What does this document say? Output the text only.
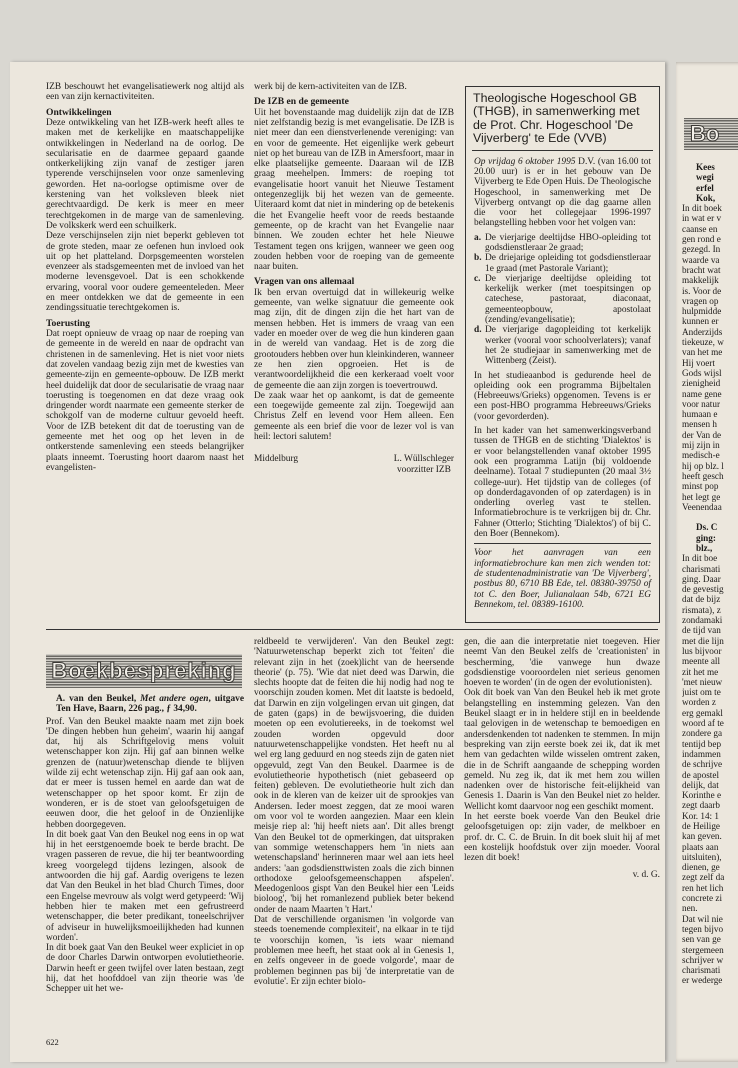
IZB beschouwt het evangelisatiewerk nog altijd als een van zijn kernactiviteiten.

Ontwikkelingen

Deze ontwikkeling van het IZB-werk heeft alles te maken met de kerkelijke en maatschappelijke ontwikkelingen in Nederland na de oorlog. De secularisatie en de daarmee gepaard gaande ontkerkelijking zijn vanaf de zestiger jaren typerende verschijnselen voor onze samenleving geworden. Het na-oorlogse optimisme over de kerstening van het volksleven bleek niet gerechtvaardigd. De kerk is meer en meer terechtgekomen in de marge van de samenleving. De volkskerk werd een schuilkerk.

Deze verschijnselen zijn niet beperkt gebleven tot de grote steden, maar ze oefenen hun invloed ook uit op het platteland. Dorpsgemeenten worstelen evenzeer als stadsgemeenten met de invloed van het moderne levensgevoel. Dat is een schokkende ervaring, vooral voor oudere gemeenteleden. Meer en meer ontdekken we dat de gemeente in een zendingssituatie terechtgekomen is.

Toerusting

Dat roept opnieuw de vraag op naar de roeping van de gemeente in de wereld en naar de opdracht van christenen in de samenleving. Het is niet voor niets dat zovelen vandaag bezig zijn met de kwesties van gemeente-zijn en gemeente-opbouw. De IZB merkt heel duidelijk dat door de secularisatie de vraag naar toerusting is toegenomen en dat deze vraag ook dringender wordt naarmate een gemeente sterker de schokgolf van de moderne cultuur gevoeld heeft. Voor de IZB betekent dit dat de toerusting van de gemeente met het oog op het leven in de ontkerstende samenleving een steeds belangrijker plaats inneemt. Toerusting hoort daarom naast het evangelisten-

werk bij de kern-activiteiten van de IZB.

De IZB en de gemeente

Uit het bovenstaande mag duidelijk zijn dat de IZB niet zelfstandig bezig is met evangelisatie. De IZB is niet meer dan een dienstverlenende vereniging: van en voor de gemeente. Het eigenlijke werk gebeurt niet op het bureau van de IZB in Amersfoort, maar in elke plaatselijke gemeente. Daaraan wil de IZB graag meehelpen. Immers: de roeping tot evangelisatie hoort vanuit het Nieuwe Testament ontegenzeglijk bij het wezen van de gemeente. Uiteraard komt dat niet in mindering op de betekenis die het Evangelie heeft voor de reeds bestaande gemeente, op de kracht van het Evangelie naar binnen. We zouden echter het hele Nieuwe Testament tegen ons krijgen, wanneer we geen oog zouden hebben voor de roeping van de gemeente naar buiten.

Vragen van ons allemaal

Ik ben ervan overtuigd dat in willekeurig welke gemeente, van welke signatuur die gemeente ook mag zijn, dit de dingen zijn die het hart van de mensen hebben. Het is immers de vraag van een vader en moeder over de weg die hun kinderen gaan in de wereld van vandaag. Het is de zorg die grootouders hebben over hun kleinkinderen, wanneer ze hen zien opgroeien. Het is de verantwoordelijkheid die een kerkeraad voelt voor de gemeente die aan zijn zorgen is toevertrouwd.

De zaak waar het op aankomt, is dat de gemeente een toegewijde gemeente zal zijn. Toegewijd aan Christus Zelf en levend voor Hem alleen. Een gemeente als een brief die voor de lezer vol is van heil: lectori salutem!

Middelburg	L. Wüllschleger
voorzitter IZB
Theologische Hogeschool GB (THGB), in samenwerking met de Prot. Chr. Hogeschool 'De Vijverberg' te Ede (VVB)

Op vrijdag 6 oktober 1995 D.V. (van 16.00 tot 20.00 uur) is er in het gebouw van De Vijverberg te Ede Open Huis. De Theologische Hogeschool, in samenwerking met De Vijverberg ontvangt op die dag gaarne allen die voor het collegejaar 1996-1997 belangstelling hebben voor het volgen van:

a. De vierjarige deeltijdse HBO-opleiding tot godsdienstleraar 2e graad;
b. De driejarige opleiding tot godsdienstleraar 1e graad (met Pastorale Variant);
c. De vierjarige deeltijdse opleiding tot kerkelijk werker (met toespitsingen op catechese, pastoraat, diaconaat, gemeenteopbouw, apostolaat (zending/evangelisatie);
d. De vierjarige dagopleiding tot kerkelijk werker (vooral voor schoolverlaters); vanaf het 2e studiejaar in samenwerking met de Wittenberg (Zeist).

In het studieaanbod is gedurende heel de opleiding ook een programma Bijbeltalen (Hebreeuws/Grieks) opgenomen. Tevens is er een post-HBO programma Hebreeuws/Grieks (voor gevorderden).

In het kader van het samenwerkingsverband tussen de THGB en de stichting 'Dialektos' is er voor belangstellenden vanaf oktober 1995 ook een programma Latijn (bij voldoende deelname). Totaal 7 studiepunten (20 maal 3½ college-uur). Het tijdstip van de colleges (of op donderdagavonden of op zaterdagen) is in onderling overleg vast te stellen. Informatiebrochure is te verkrijgen bij dr. Chr. Fahner (Otterlo; Stichting 'Dialektos') of bij C. den Boer (Bennekom).

Voor het aanvragen van een informatiebrochure kan men zich wenden tot: de studentenadministratie van 'De Vijverberg', postbus 80, 6710 BB Ede, tel. 08380-39750 of tot C. den Boer, Julianalaan 54b, 6721 EG Bennekom, tel. 08389-16100.

Boekbespreking

A. van den Beukel, Met andere ogen, uitgave Ten Have, Baarn, 226 pag., ƒ 34,90.

Prof. Van den Beukel maakte naam met zijn boek 'De dingen hebben hun geheim', waarin hij aangaf dat, hij als Schriftgelovig mens voluit wetenschapper kon zijn. Hij gaf aan binnen welke grenzen de (natuur)wetenschap diende te blijven wilde zij echt wetenschap zijn. Hij gaf aan ook aan, dat er meer is tussen hemel en aarde dan wat de wetenschapper op het spoor komt. Er zijn de wonderen, er is de stoet van geloofsgetuigen de eeuwen door, die het geloof in de Onzienlijke hebben doorgegeven.

In dit boek gaat Van den Beukel nog eens in op wat hij in het eerstgenoemde boek te berde bracht. De vragen passeren de revue, die hij ter beantwoording kreeg voorgelegd tijdens lezingen, alsook de antwoorden die hij gaf. Aardig overigens te lezen dat Van den Beukel in het blad Church Times, door een Engelse mevrouw als volgt werd getypeerd: 'Wij hebben hier te maken met een gefrustreerd wetenschapper, die beter predikant, toneelschrijver of adviseur in huwelijksmoeilijkheden had kunnen worden'.

In dit boek gaat Van den Beukel weer expliciet in op de door Charles Darwin ontworpen evolutietheorie. Darwin heeft er geen twijfel over laten bestaan, zegt hij, dat het hoofddoel van zijn theorie was 'de Schepper uit het we-

reldbeeld te verwijderen'. Van den Beukel zegt: 'Natuurwetenschap beperkt zich tot 'feiten' die relevant zijn in het (zoek)licht van de heersende theorie' (p. 75). 'Wie dat niet deed was Darwin, die slechts hoopte dat de feiten die hij nodig had nog te voorschijn zouden komen. Met dit laatste is bedoeld, dat Darwin en zijn volgelingen ervan uit gingen, dat de gaten (gaps) in de bewijsvoering, die duiden moeten op een evolutiereeks, in de toekomst wel zouden worden opgevuld door natuurwetenschappelijke vondsten. Het heeft nu al wel erg lang geduurd en nog steeds zijn de gaten niet opgevuld, zegt Van den Beukel. Daarmee is de evolutietheorie hypothetisch (niet gebaseerd op feiten) gebleven. De evolutietheorie hult zich dan ook in de kleren van de keizer uit de sprookjes van Andersen. Ieder moest zeggen, dat ze mooi waren om voor vol te worden aangezien. Maar een klein meisje riep al: 'hij heeft niets aan'. Dit alles brengt Van den Beukel tot de opmerkingen, dat uitspraken van sommige wetenschappers hem 'in niets aan wetenschapsland' herinneren maar wel aan iets heel anders: 'aan godsdiensttwisten zoals die zich binnen orthodoxe geloofsgemeenschappen afspelen'. Meedogenloos gispt Van den Beukel hier een 'Leids bioloog', 'bij het romanlezend publiek beter bekend onder de naam Maarten 't Hart.'

Dat de verschillende organismen 'in volgorde van steeds toenemende complexiteit', na elkaar in te tijd te voorschijn komen, 'is iets waar niemand problemen mee heeft, het staat ook al in Genesis 1, en zelfs ongeveer in de goede volgorde', maar de problemen beginnen pas bij 'de interpretatie van de evolutie'. Er zijn echter biolo-

gen, die aan die interpretatie niet toegeven. Hier neemt Van den Beukel zelfs de 'creationisten' in bescherming, 'die vanwege hun dwaze godsdienstige vooroordelen niet serieus genomen hoeven te worden' (in de ogen der evolutionisten).

Ook dit boek van Van den Beukel heb ik met grote belangstelling en instemming gelezen. Van den Beukel slaagt er in in heldere stijl en in beeldende taal gelovigen in de wetenschap te bemoedigen en andersdenkenden tot nadenken te stemmen. In mijn bespreking van zijn eerste boek zei ik, dat ik met hem van gedachten wilde wisselen omtrent zaken, die in de Schrift aangaande de schepping worden gemeld. Nu zeg ik, dat ik met hem zou willen nadenken over de historische feit-elijkheid van Genesis 1. Daarin is Van den Beukel niet zo helder. Wellicht komt daarvoor nog een geschikt moment.

In het eerste boek voerde Van den Beukel drie geloofsgetuigen op: zijn vader, de melkboer en prof. dr. C. C. de Bruin. In dit boek sluit hij af met een kostelijk hoofdstuk over zijn moeder. Vooral lezen dit boek!

v. d. G.

622
Bo
Kees
wegi
erfel
Kok,
In dit boek
in wat er v
caanse en
gen rond e
gezegd. In
waarde va
bracht wat
makkelijk
is. Voor de
vragen op
hulpmidde
kunnen er
Anderzijds
tiekeuze, w
van het me
Hij voert
Gods wijsl
zienigheid
name gene
voor natur
humaan e
mensen h
der Van de
mij zijn in
medisch-e
hij op blz. l
heeft gesch
minst pop
het legt ge
Veenendaa
Ds. C
ging:
blz.,
In dit boe
charismati
ging. Daar
de gevestig
dat de bijz
rismata), z
zondamaki
de tijd van
met die lijn
lus bijvoor
meente all
zit het me
'met nieuw
juist om te
worden z
erg gemakl
woord af te
zondere ga
tentijd bep
indammen
de schrijve
de apostel
delijk, dat
Korinthe e
zegt daarb
Kor. 14: 1
de Heilige
kan geven.
plaats aan
uitsluiten),
dienen, ge
zegt zelf da
ren het lich
concrete zi
nen.
Dat wil nie
tegen bijvo
sen van ge
stergemeen
schrijver w
charismati
er wederge
